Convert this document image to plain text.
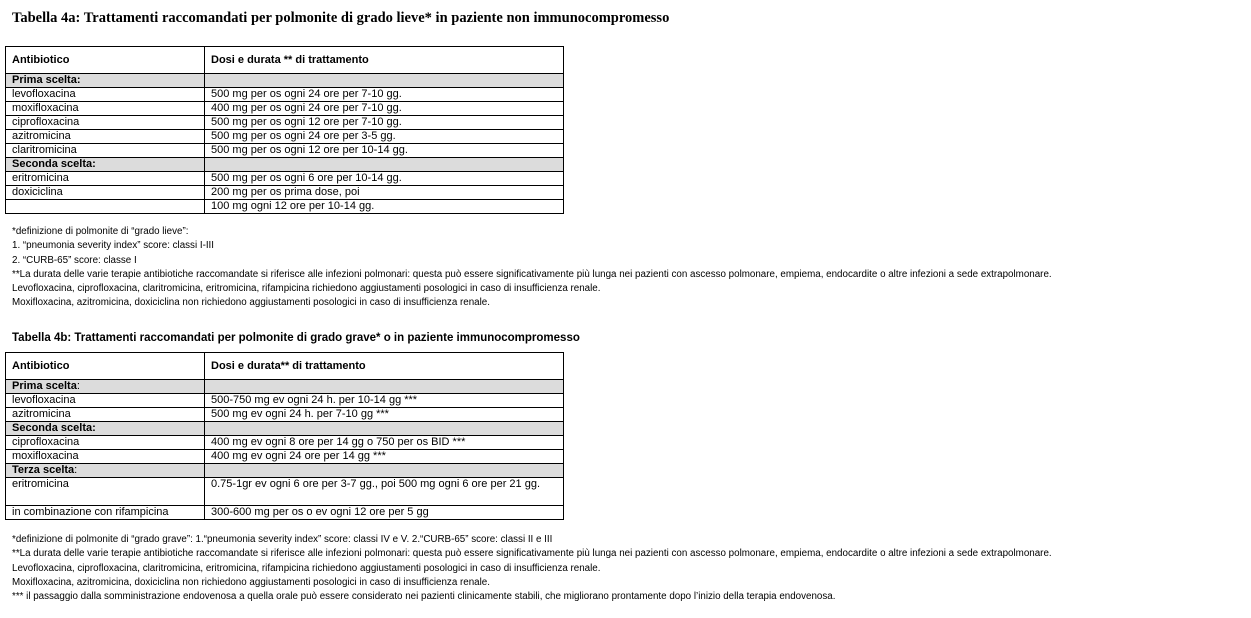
Tabella 4a: Trattamenti raccomandati per polmonite di grado lieve* in paziente non immunocompromesso
Antibiotico	Dosi e durata ** di trattamento
Prima scelta:	
levofloxacina	500 mg per os ogni 24 ore per 7-10 gg.
moxifloxacina	400 mg per os ogni 24 ore per 7-10 gg.
ciprofloxacina	500 mg per os ogni 12 ore per 7-10 gg.
azitromicina	500 mg per os ogni 24 ore per 3-5 gg.
claritromicina	500 mg per os ogni 12 ore per 10-14 gg.
Seconda scelta:	
eritromicina	500 mg per os ogni 6 ore per 10-14 gg.
doxiciclina	200 mg per os prima dose, poi
	100 mg ogni 12 ore per 10-14 gg.
*definizione di polmonite di “grado lieve”:
1. “pneumonia severity index” score: classi I-III
2. “CURB-65” score: classe I
**La durata delle varie terapie antibiotiche raccomandate si riferisce alle infezioni polmonari: questa può essere significativamente più lunga nei pazienti con ascesso polmonare, empiema, endocardite o altre infezioni a sede extrapolmonare.
Levofloxacina, ciprofloxacina, claritromicina, eritromicina, rifampicina richiedono aggiustamenti posologici in caso di insufficienza renale.
Moxifloxacina, azitromicina, doxiciclina non richiedono aggiustamenti posologici in caso di insufficienza renale.
Tabella 4b: Trattamenti raccomandati per polmonite di grado grave* o in paziente immunocompromesso
Antibiotico	Dosi e durata** di trattamento
Prima scelta:	
levofloxacina	500-750 mg ev ogni 24 h. per 10-14 gg ***
azitromicina	500 mg ev ogni 24 h. per 7-10 gg ***
Seconda scelta:	
ciprofloxacina	400 mg ev ogni 8 ore per 14 gg o 750 per os BID ***
moxifloxacina	400 mg ev ogni 24 ore per 14 gg ***
Terza scelta:	
eritromicina	0.75-1gr ev ogni 6 ore per 3-7 gg., poi 500 mg ogni 6 ore per 21 gg.
in combinazione con rifampicina	300-600 mg per os o ev ogni 12 ore per 5 gg
*definizione di polmonite di “grado grave”: 1.“pneumonia severity index” score: classi IV e V. 2.“CURB-65” score: classi II e III
**La durata delle varie terapie antibiotiche raccomandate si riferisce alle infezioni polmonari: questa può essere significativamente più lunga nei pazienti con ascesso polmonare, empiema, endocardite o altre infezioni a sede extrapolmonare.
Levofloxacina, ciprofloxacina, claritromicina, eritromicina, rifampicina richiedono aggiustamenti posologici in caso di insufficienza renale.
Moxifloxacina, azitromicina, doxiciclina non richiedono aggiustamenti posologici in caso di insufficienza renale.
*** il passaggio dalla somministrazione endovenosa a quella orale può essere considerato nei pazienti clinicamente stabili, che migliorano prontamente dopo l’inizio della terapia endovenosa.
